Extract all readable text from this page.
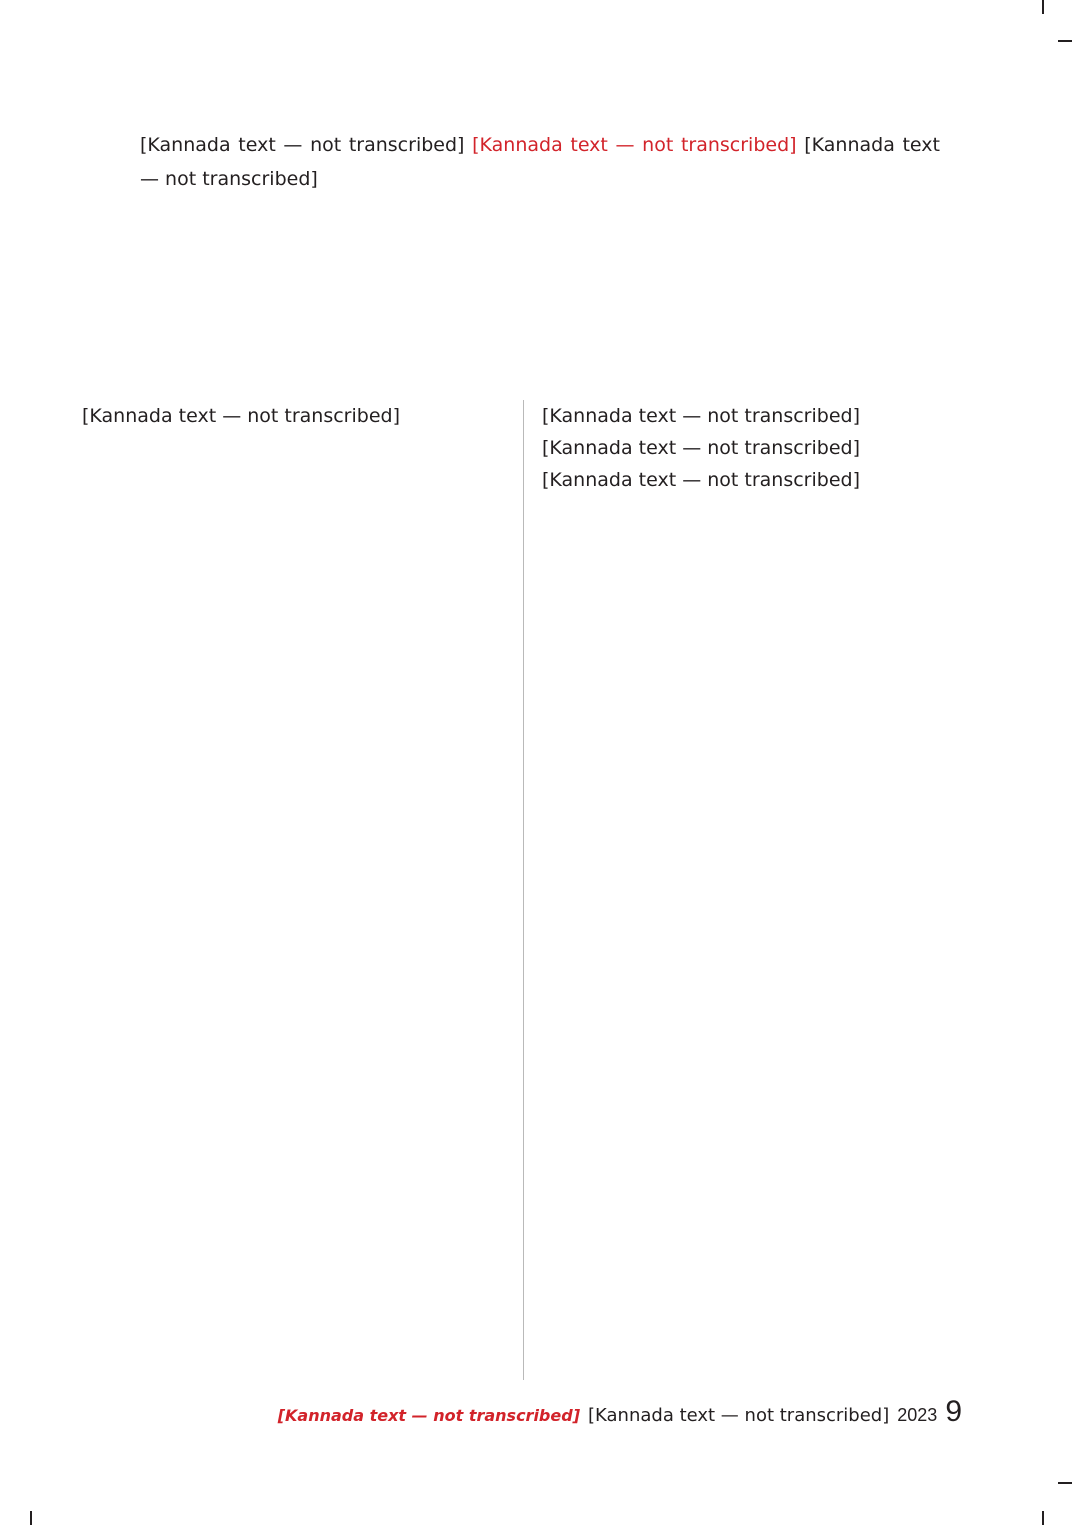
[Kannada text — not transcribed] [Kannada text — not transcribed] [Kannada text — not transcribed]

[Kannada text — not transcribed]	[Kannada text — not transcribed]

[Kannada text — not transcribed]

[Kannada text — not transcribed]

[Kannada text — not transcribed] [Kannada text — not transcribed] 2023 9
